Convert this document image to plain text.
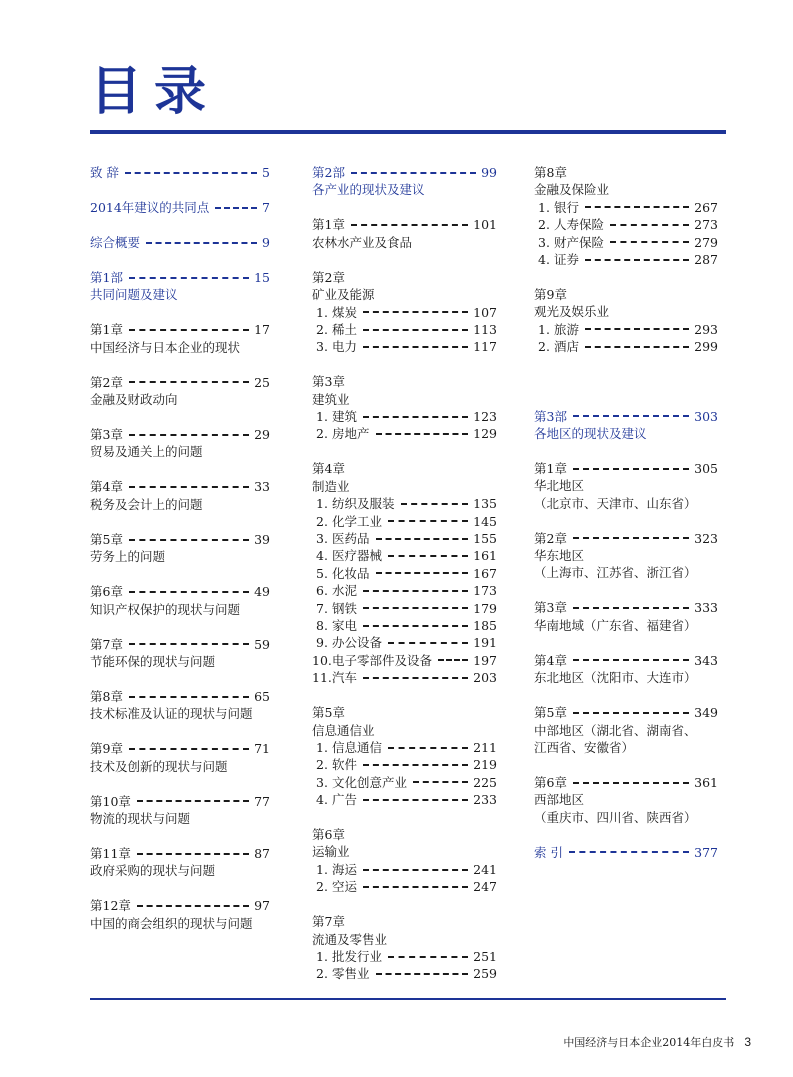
目录
致 辞	5
2014年建议的共同点	7
综合概要	9
第1部	15
共同问题及建议
第1章	17
中国经济与日本企业的现状
第2章	25
金融及财政动向
第3章	29
贸易及通关上的问题
第4章	33
税务及会计上的问题
第5章	39
劳务上的问题
第6章	49
知识产权保护的现状与问题
第7章	59
节能环保的现状与问题
第8章	65
技术标准及认证的现状与问题
第9章	71
技术及创新的现状与问题
第10章	77
物流的现状与问题
第11章	87
政府采购的现状与问题
第12章	97
中国的商会组织的现状与问题
第2部	99
各产业的现状及建议
第1章	101
农林水产业及食品
第2章
矿业及能源
1. 煤炭	107
2. 稀土	113
3. 电力	117
第3章
建筑业
1. 建筑	123
2. 房地产	129
第4章
制造业
1. 纺织及服装	135
2. 化学工业	145
3. 医药品	155
4. 医疗器械	161
5. 化妆品	167
6. 水泥	173
7. 钢铁	179
8. 家电	185
9. 办公设备	191
10. 电子零部件及设备	197
11. 汽车	203
第5章
信息通信业
1. 信息通信	211
2. 软件	219
3. 文化创意产业	225
4. 广告	233
第6章
运输业
1. 海运	241
2. 空运	247
第7章
流通及零售业
1. 批发行业	251
2. 零售业	259
第8章
金融及保险业
1. 银行	267
2. 人寿保险	273
3. 财产保险	279
4. 证券	287
第9章
观光及娱乐业
1. 旅游	293
2. 酒店	299
第3部	303
各地区的现状及建议
第1章	305
华北地区
（北京市、天津市、山东省）
第2章	323
华东地区
（上海市、江苏省、浙江省）
第3章	333
华南地域（广东省、福建省）
第4章	343
东北地区（沈阳市、大连市）
第5章	349
中部地区（湖北省、湖南省、
江西省、安徽省）
第6章	361
西部地区
（重庆市、四川省、陕西省）
索 引	377
中国经济与日本企业2014年白皮书 3
